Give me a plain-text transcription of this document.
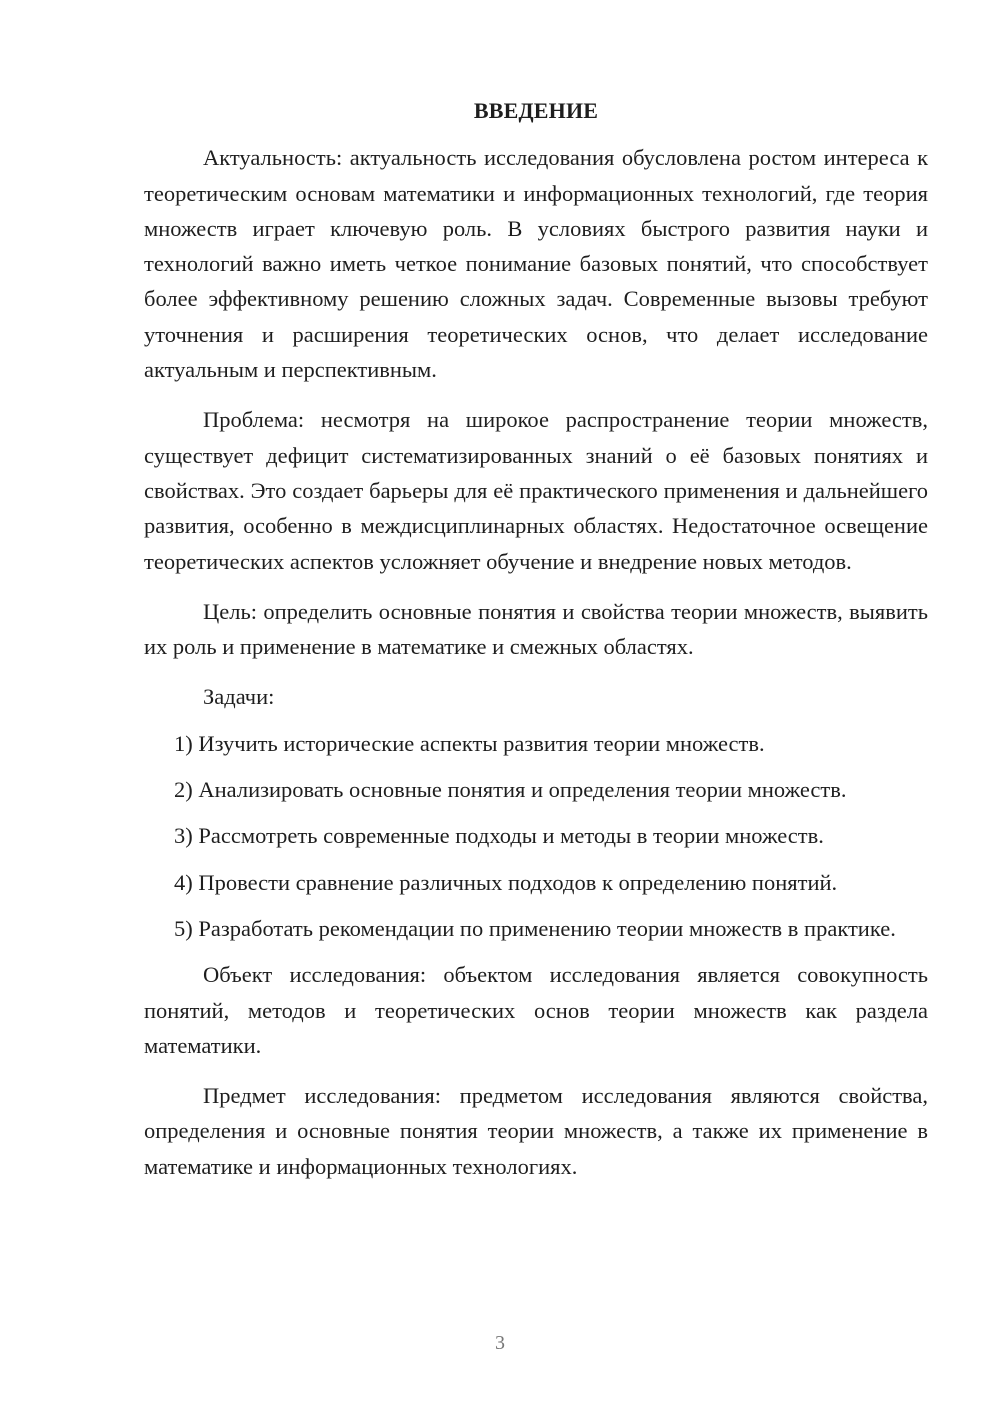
ВВЕДЕНИЕ

Актуальность: актуальность исследования обусловлена ростом интереса к теоретическим основам математики и информационных технологий, где теория множеств играет ключевую роль. В условиях быстрого развития науки и технологий важно иметь четкое понимание базовых понятий, что способствует более эффективному решению сложных задач. Современные вызовы требуют уточнения и расширения теоретических основ, что делает исследование актуальным и перспективным.

Проблема: несмотря на широкое распространение теории множеств, существует дефицит систематизированных знаний о её базовых понятиях и свойствах. Это создает барьеры для её практического применения и дальнейшего развития, особенно в междисциплинарных областях. Недостаточное освещение теоретических аспектов усложняет обучение и внедрение новых методов.

Цель: определить основные понятия и свойства теории множеств, выявить их роль и применение в математике и смежных областях.

Задачи:

1) Изучить исторические аспекты развития теории множеств.

2) Анализировать основные понятия и определения теории множеств.

3) Рассмотреть современные подходы и методы в теории множеств.

4) Провести сравнение различных подходов к определению понятий.

5) Разработать рекомендации по применению теории множеств в практике.

Объект исследования: объектом исследования является совокупность понятий, методов и теоретических основ теории множеств как раздела математики.

Предмет исследования: предметом исследования являются свойства, определения и основные понятия теории множеств, а также их применение в математике и информационных технологиях.

3
